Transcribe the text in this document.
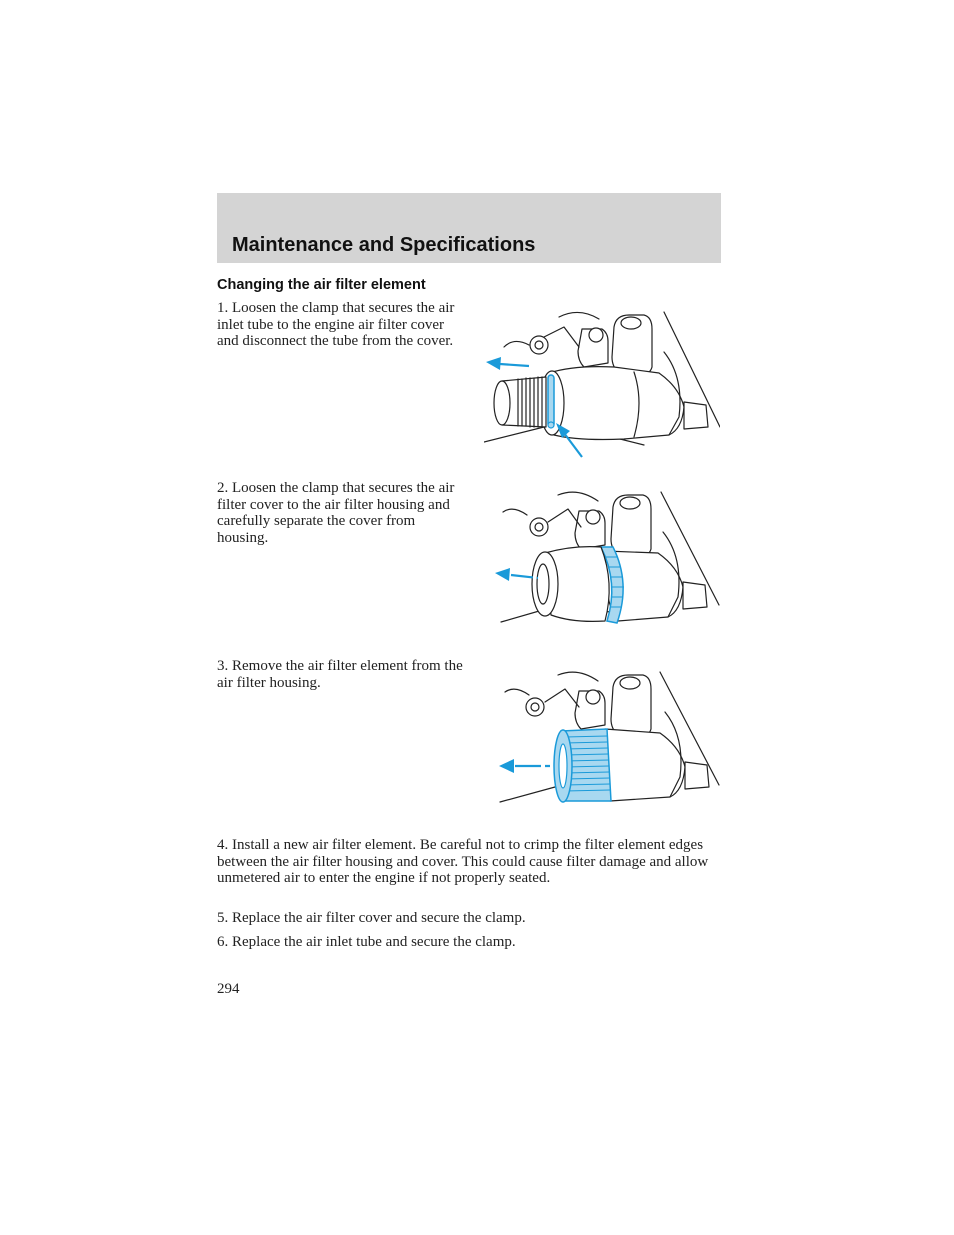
Maintenance and Specifications
Changing the air filter element
1. Loosen the clamp that secures the air inlet tube to the engine air filter cover and disconnect the tube from the cover.
2. Loosen the clamp that secures the air filter cover to the air filter housing and carefully separate the cover from housing.
3. Remove the air filter element from the air filter housing.
4. Install a new air filter element. Be careful not to crimp the filter element edges between the air filter housing and cover. This could cause filter damage and allow unmetered air to enter the engine if not properly seated.
5. Replace the air filter cover and secure the clamp.
6. Replace the air inlet tube and secure the clamp.
294
